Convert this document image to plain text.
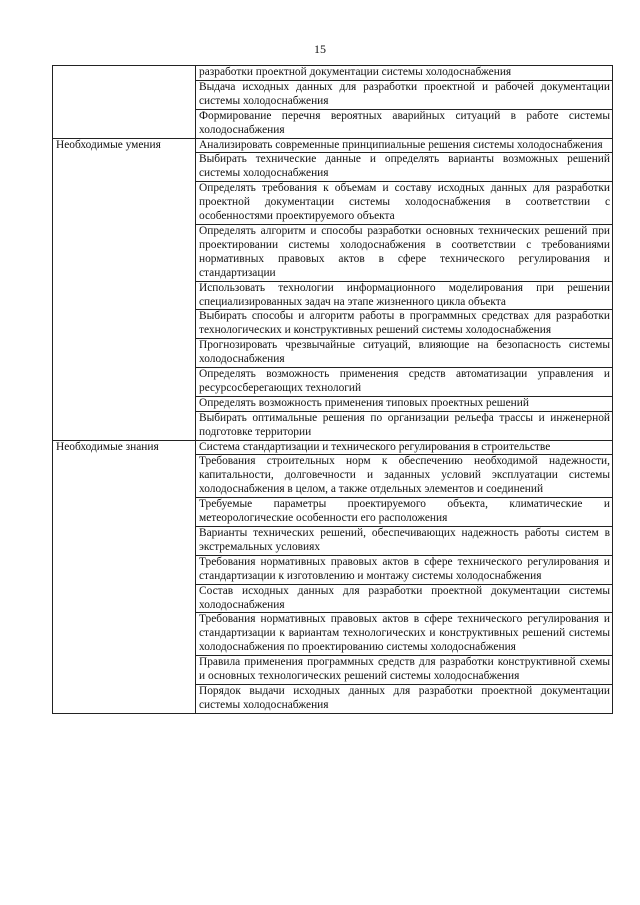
15
	разработки проектной документации системы холодоснабжения
	Выдача исходных данных для разработки проектной и рабочей документации системы холодоснабжения
	Формирование перечня вероятных аварийных ситуаций в работе системы холодоснабжения
Необходимые умения	Анализировать современные принципиальные решения системы холодоснабжения
	Выбирать технические данные и определять варианты возможных решений системы холодоснабжения
	Определять требования к объемам и составу исходных данных для разработки проектной документации системы холодоснабжения в соответствии с особенностями проектируемого объекта
	Определять алгоритм и способы разработки основных технических решений при проектировании системы холодоснабжения в соответствии с требованиями нормативных правовых актов в сфере технического регулирования и стандартизации
	Использовать технологии информационного моделирования при решении специализированных задач на этапе жизненного цикла объекта
	Выбирать способы и алгоритм работы в программных средствах для разработки технологических и конструктивных решений системы холодоснабжения
	Прогнозировать чрезвычайные ситуаций, влияющие на безопасность системы холодоснабжения
	Определять возможность применения средств автоматизации управления и ресурсосберегающих технологий
	Определять возможность применения типовых проектных решений
	Выбирать оптимальные решения по организации рельефа трассы и инженерной подготовке территории
Необходимые знания	Система стандартизации и технического регулирования в строительстве
	Требования строительных норм к обеспечению необходимой надежности, капитальности, долговечности и заданных условий эксплуатации системы холодоснабжения в целом, а также отдельных элементов и соединений
	Требуемые параметры проектируемого объекта, климатические и метеорологические особенности его расположения
	Варианты технических решений, обеспечивающих надежность работы систем в экстремальных условиях
	Требования нормативных правовых актов в сфере технического регулирования и стандартизации к изготовлению и монтажу системы холодоснабжения
	Состав исходных данных для разработки проектной документации системы холодоснабжения
	Требования нормативных правовых актов в сфере технического регулирования и стандартизации к вариантам технологических и конструктивных решений системы холодоснабжения по проектированию системы холодоснабжения
	Правила применения программных средств для разработки конструктивной схемы и основных технологических решений системы холодоснабжения
	Порядок выдачи исходных данных для разработки проектной документации системы холодоснабжения
